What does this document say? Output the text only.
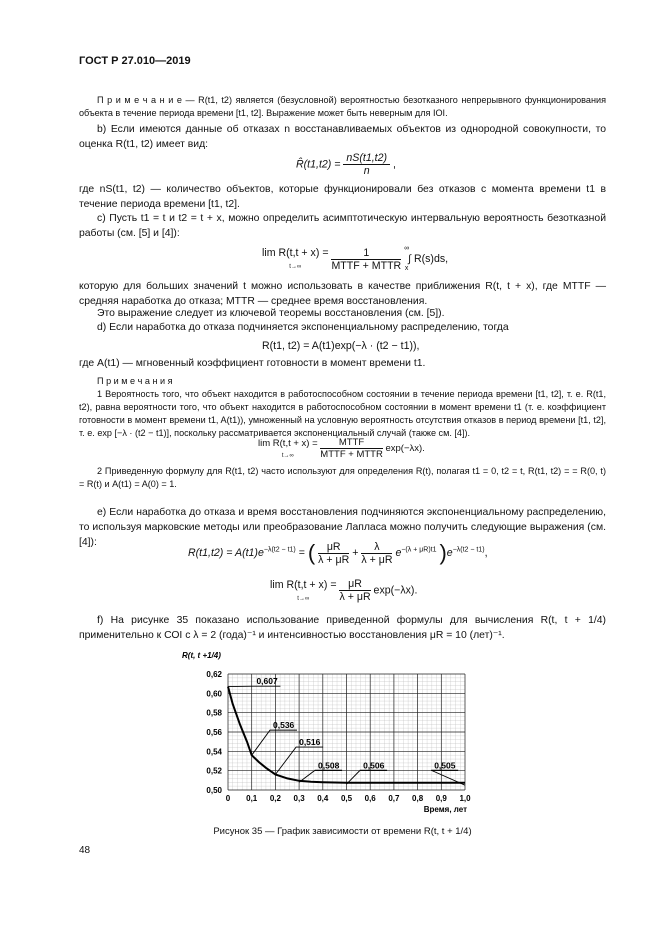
ГОСТ Р 27.010—2019
П р и м е ч а н и е — R(t1, t2) является (безусловной) вероятностью безотказного непрерывного функционирования объекта в течение периода времени [t1, t2]. Выражение может быть неверным для IOI.
b) Если имеются данные об отказах n восстанавливаемых объектов из однородной совокупности, то оценка R(t1, t2) имеет вид:
R̂(t1,t2) = $\frac{nS(t1,t2)}{n}$ ,
где nS(t1, t2) — количество объектов, которые функционировали без отказов с момента времени t1 в течение периода времени [t1, t2].
c) Пусть t1 = t и t2 = t + x, можно определить асимптотическую интервальную вероятность безотказной работы (см. [5] и [4]):
lim R(t,t + x) =
t→∞	$\frac{1}{\text{MTTF + MTTR}}$ ∞

x ∫ R(s)ds,
которую для больших значений t можно использовать в качестве приближения R(t, t + x), где MTTF — средняя наработка до отказа; MTTR — среднее время восстановления.
Это выражение следует из ключевой теоремы восстановления (см. [5]).
d) Если наработка до отказа подчиняется экспоненциальному распределению, тогда
R(t1, t2) = A(t1)exp(−λ · (t2 − t1)),
где A(t1) — мгновенный коэффициент готовности в момент времени t1.
П р и м е ч а н и я
1 Вероятность того, что объект находится в работоспособном состоянии в течение периода времени [t1, t2], т. е. R(t1, t2), равна вероятности того, что объект находится в работоспособном состоянии в момент времени t1 (т. е. коэффициент готовности в момент времени t1, A(t1)), умноженный на условную вероятность отсутствия отказов в период времени [t1, t2], т. е. exp [−λ · (t2 − t1)], поскольку рассматривается экспоненциальный случай (также см. [4]).
lim R(t,t + x) =
t→∞	$\frac{\text{MTTF}}{\text{MTTF + MTTR}} \exp(-\lambda x)$.
2 Приведенную формулу для R(t1, t2) часто используют для определения R(t), полагая t1 = 0, t2 = t, R(t1, t2) = = R(0, t) = R(t) и A(t1) = A(0) = 1.
e) Если наработка до отказа и время восстановления подчиняются экспоненциальному распределению, то используя марковские методы или преобразование Лапласа можно получить следующие выражения (см. [4]):
$R(t1,t2) = A(t1)e^{-\lambda(t2 - t1)}$ = ( $\frac{\mu R}{\lambda + \mu R} + \frac{\lambda}{\lambda + \mu R} e^{-(\lambda + \mu R)t1}$ )$e^{-\lambda(t2 - t1)}$,
lim R(t,t + x) =
t→∞	$\frac{\mu R}{\lambda + \mu R} \exp(-\lambda x)$.
f) На рисунке 35 показано использование приведенной формулы для вычисления R(t, t + 1/4) применительно к СОI с λ = 2 (года)⁻¹ и интенсивностью восстановления μR = 10 (лет)⁻¹.
0 0,1 0,2 0,3 0,4 0,5 0,6 0,7 0,8 0,9 1,0
0,62
0,60
0,58
0,56
0,54
0,52
0,50
R(t, t +1/4)
Время, лет
0,607
0,536
0,516
0,508	0,506	0,505
Рисунок 35 — График зависимости от времени R(t, t + 1/4)
48
